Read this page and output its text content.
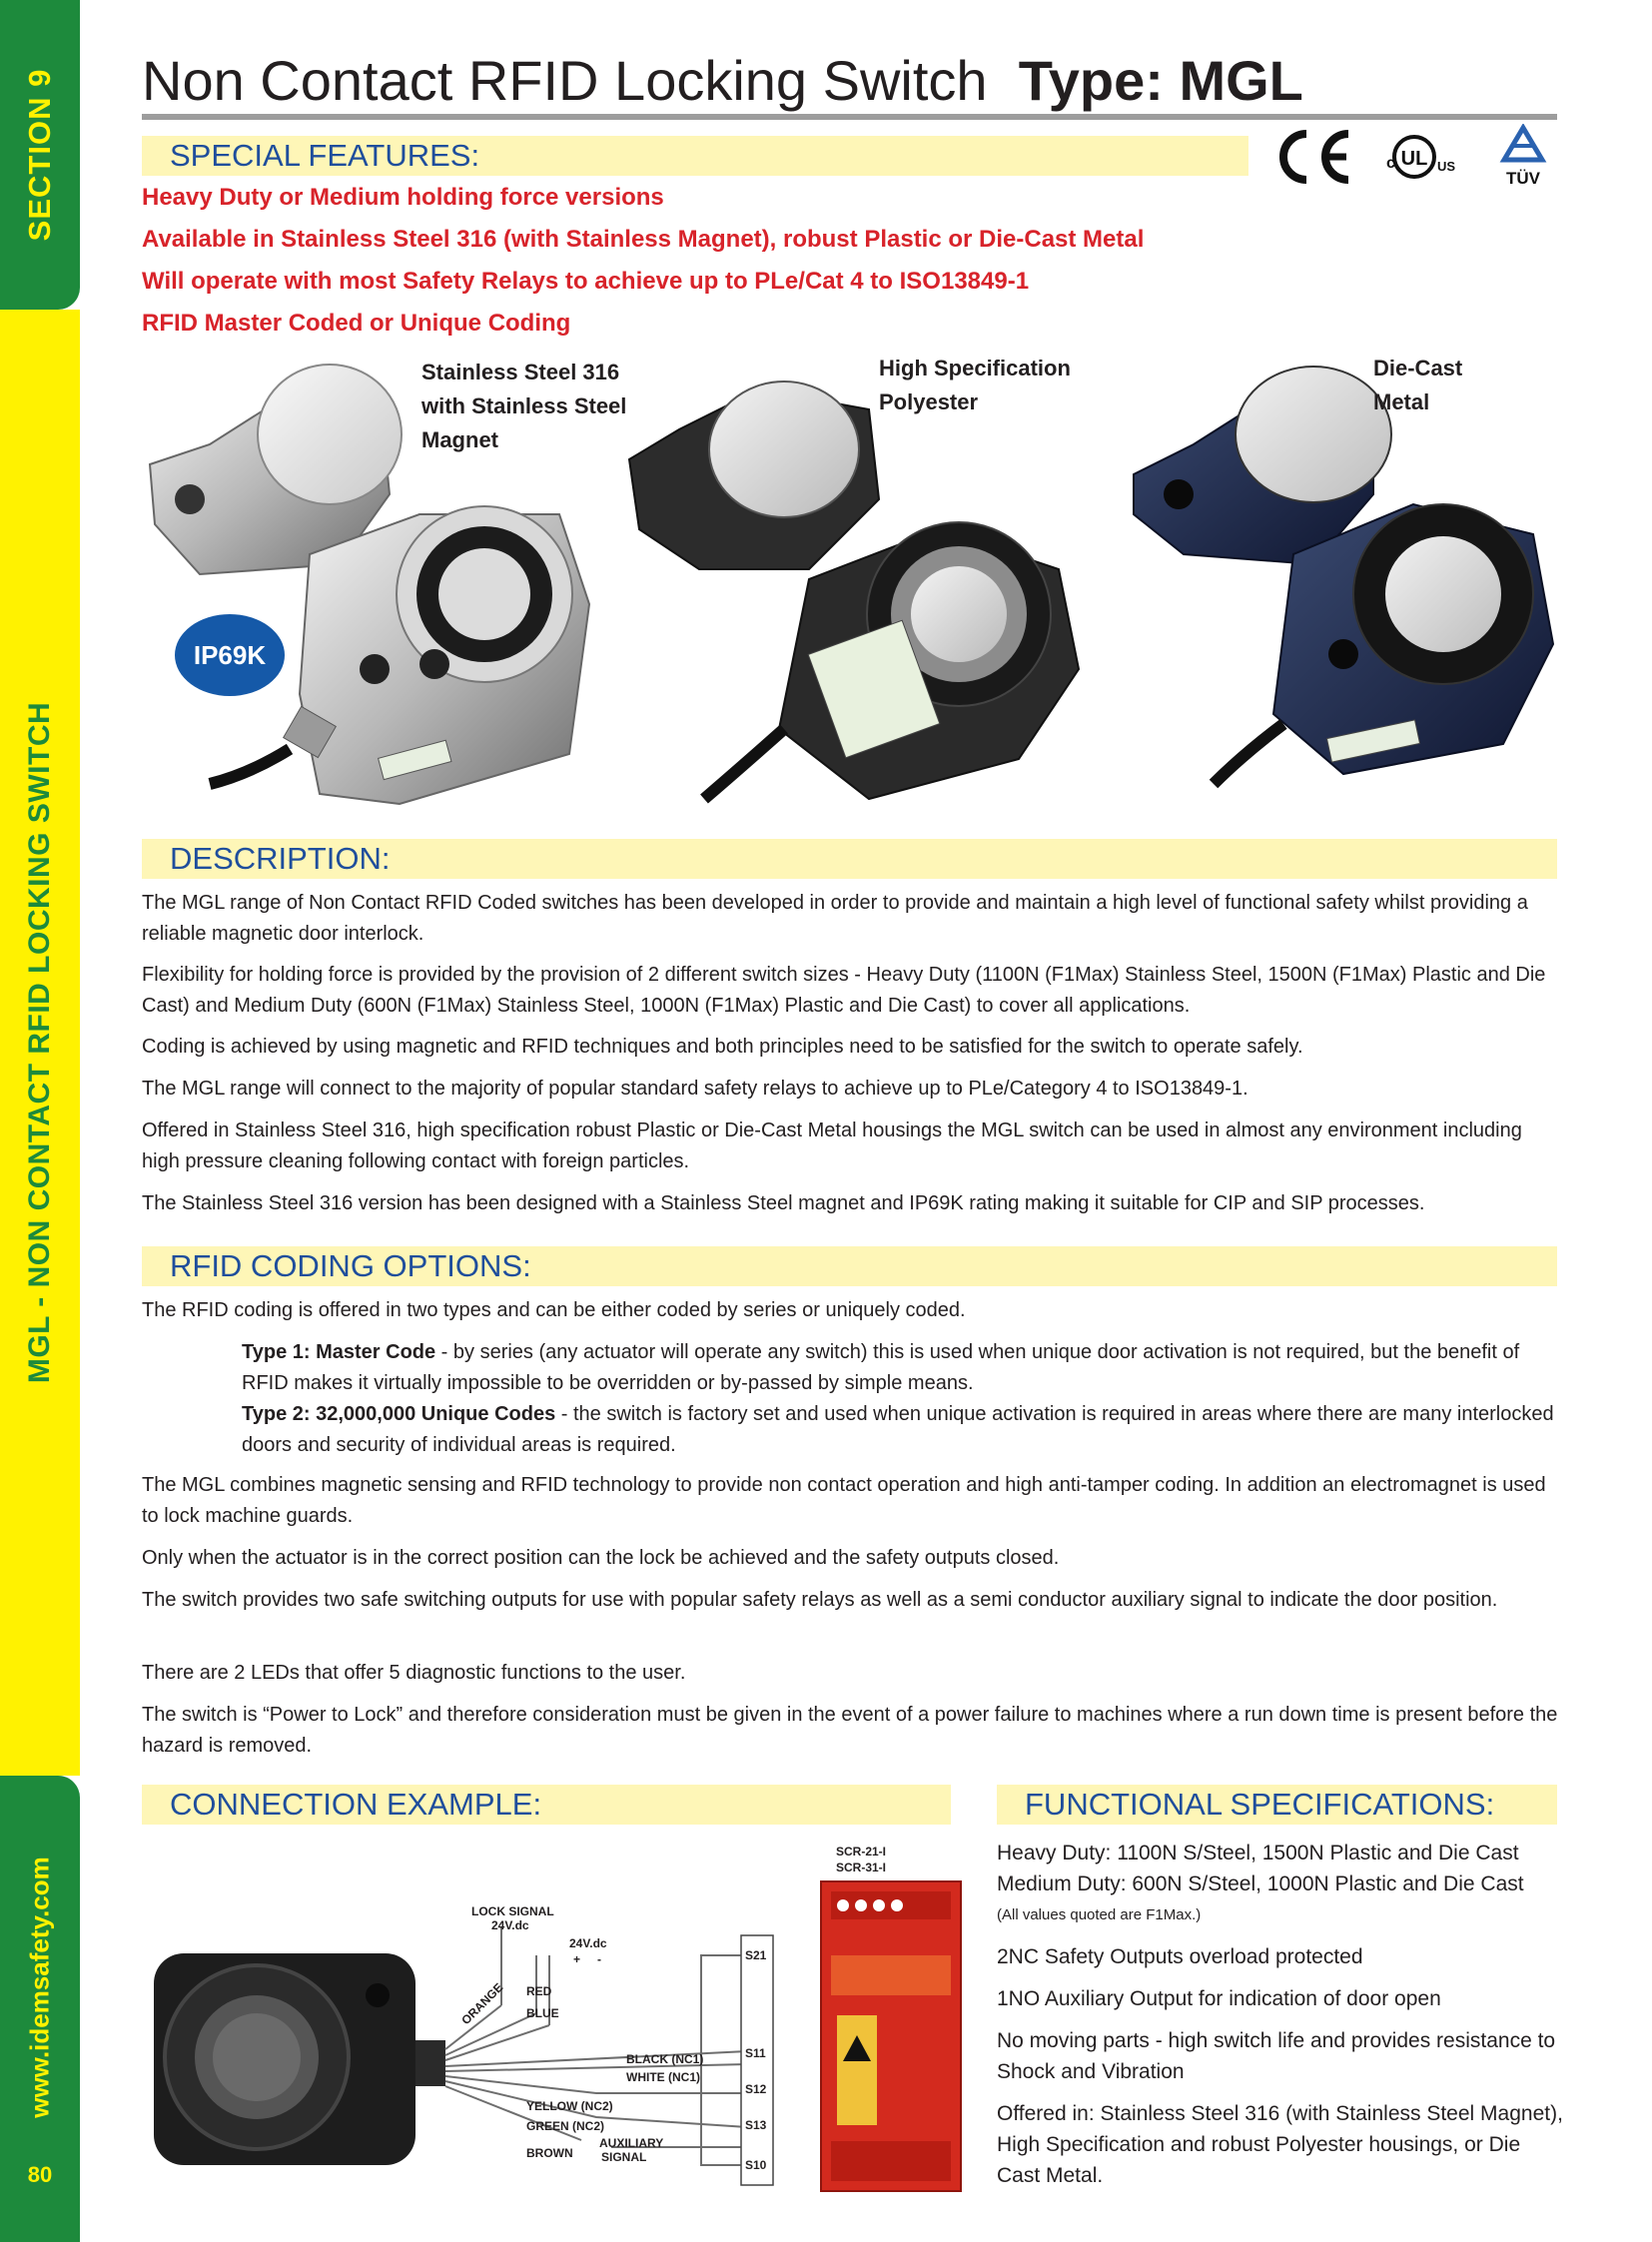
SECTION 9
MGL - NON CONTACT RFID LOCKING SWITCH
www.idemsafety.com
80
Non Contact RFID Locking Switch Type: MGL
SPECIAL FEATURES:	c UL US
TÜV
Heavy Duty or Medium holding force versions
Available in Stainless Steel 316 (with Stainless Magnet), robust Plastic or Die-Cast Metal
Will operate with most Safety Relays to achieve up to PLe/Cat 4 to ISO13849-1
RFID Master Coded or Unique Coding
IP69K
Stainless Steel 316
with Stainless Steel
Magnet
High Specification
Polyester
Die-Cast
Metal
DESCRIPTION:
The MGL range of Non Contact RFID Coded switches has been developed in order to provide and maintain a high level of functional safety whilst providing a reliable magnetic door interlock.
Flexibility for holding force is provided by the provision of 2 different switch sizes - Heavy Duty (1100N (F1Max) Stainless Steel, 1500N (F1Max) Plastic and Die Cast) and Medium Duty (600N (F1Max) Stainless Steel, 1000N (F1Max) Plastic and Die Cast) to cover all applications.
Coding is achieved by using magnetic and RFID techniques and both principles need to be satisfied for the switch to operate safely.
The MGL range will connect to the majority of popular standard safety relays to achieve up to PLe/Category 4 to ISO13849-1.
Offered in Stainless Steel 316, high specification robust Plastic or Die-Cast Metal housings the MGL switch can be used in almost any environment including high pressure cleaning following contact with foreign particles.
The Stainless Steel 316 version has been designed with a Stainless Steel magnet and IP69K rating making it suitable for CIP and SIP processes.
RFID CODING OPTIONS:
The RFID coding is offered in two types and can be either coded by series or uniquely coded.
Type 1: Master Code - by series (any actuator will operate any switch) this is used when unique door activation is not required, but the benefit of RFID makes it virtually impossible to be overridden or by-passed by simple means.
Type 2: 32,000,000 Unique Codes - the switch is factory set and used when unique activation is required in areas where there are many interlocked doors and security of individual areas is required.
The MGL combines magnetic sensing and RFID technology to provide non contact operation and high anti-tamper coding. In addition an electromagnet is used to lock machine guards.
Only when the actuator is in the correct position can the lock be achieved and the safety outputs closed.
The switch provides two safe switching outputs for use with popular safety relays as well as a semi conductor auxiliary signal to indicate the door position.
There are 2 LEDs that offer 5 diagnostic functions to the user.
The switch is “Power to Lock” and therefore consideration must be given in the event of a power failure to machines where a run down time is present before the hazard is removed.
CONNECTION EXAMPLE:
LOCK SIGNAL
24V.dc
24V.dc
+ -
ORANGE RED
BLUE
BLACK (NC1)
WHITE (NC1)
YELLOW (NC2)
GREEN (NC2)
BROWN
AUXILIARY
SIGNAL
S21
S11
S12
S13
S10
SCR-21-I
SCR-31-I
FUNCTIONAL SPECIFICATIONS:
Heavy Duty: 1100N S/Steel, 1500N Plastic and Die Cast
Medium Duty: 600N S/Steel, 1000N Plastic and Die Cast
(All values quoted are F1Max.)
2NC Safety Outputs overload protected
1NO Auxiliary Output for indication of door open
No moving parts - high switch life and provides resistance to Shock and Vibration
Offered in: Stainless Steel 316 (with Stainless Steel Magnet), High Specification and robust Polyester housings, or Die Cast Metal.
